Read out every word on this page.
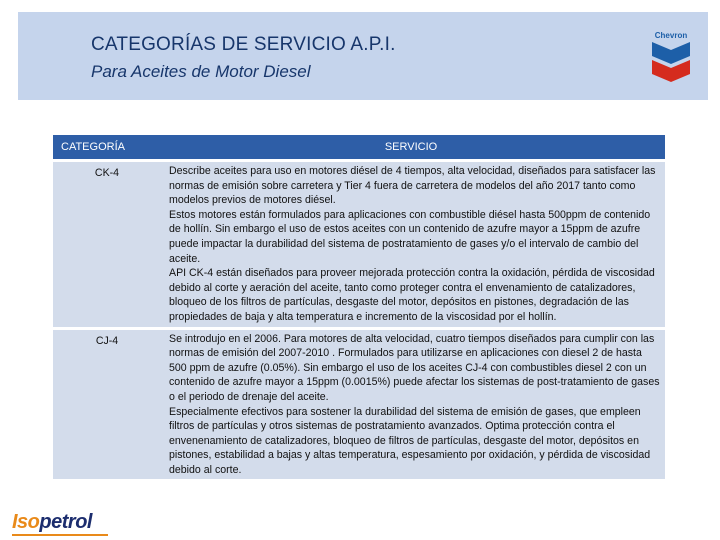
CATEGORÍAS DE SERVICIO A.P.I.
Para Aceites de Motor Diesel
Chevron
CATEGORÍA	SERVICIO
CK-4	Describe aceites para uso en motores diésel de 4 tiempos, alta velocidad, diseñados para satisfacer las normas de emisión sobre carretera y Tier 4 fuera de carretera de modelos del año 2017 tanto como modelos previos de motores diésel.

Estos motores están formulados para aplicaciones con combustible diésel hasta 500ppm de contenido de hollín. Sin embargo el uso de estos aceites con un contenido de azufre mayor a 15ppm de azufre puede impactar la durabilidad del sistema de postratamiento de gases y/o el intervalo de cambio del aceite.

API CK-4 están diseñados para proveer mejorada protección contra la oxidación, pérdida de viscosidad debido al corte y aeración del aceite, tanto como proteger contra el envenamiento de catalizadores, bloqueo de los filtros de partículas, desgaste del motor, depósitos en pistones, degradación de las propiedades de baja y alta temperatura e incremento de la viscosidad por el hollín.

CJ-4	Se introdujo en el 2006. Para motores de alta velocidad, cuatro tiempos diseñados para cumplir con las normas de emisión del 2007-2010 . Formulados para utilizarse en aplicaciones con diesel 2 de hasta 500 ppm de azufre (0.05%). Sin embargo el uso de los aceites CJ-4 con combustibles diesel 2 con un contenido de azufre mayor a 15ppm (0.0015%) puede afectar los sistemas de post-tratamiento de gases o el periodo de drenaje del aceite.

Especialmente efectivos para sostener la durabilidad del sistema de emisión de gases, que empleen filtros de partículas y otros sistemas de postratamiento avanzados. Optima protección contra el envenenamiento de catalizadores, bloqueo de filtros de partículas, desgaste del motor, depósitos en pistones, estabilidad a bajas y altas temperatura, espesamiento por oxidación, y pérdida de viscosidad debido al corte.

Isopetrol
